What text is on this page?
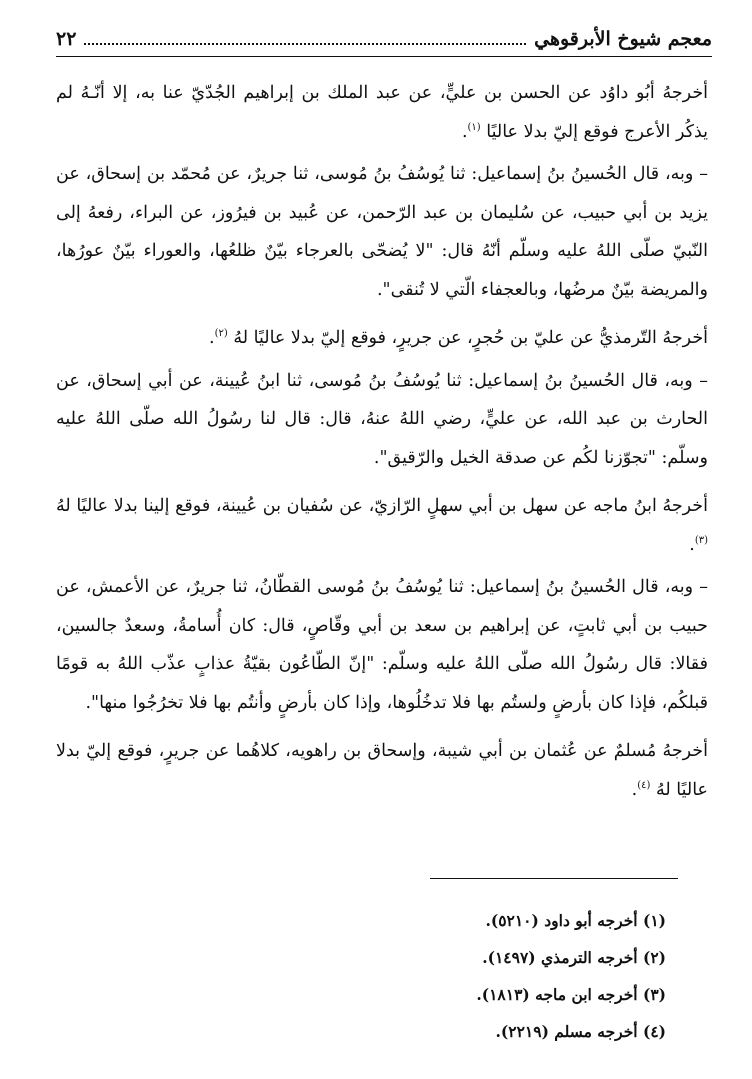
معجم شيوخ الأبرقوهي
٢٢

أخرجهُ أبُو داوُد عن الحسن بن عليٍّ، عن عبد الملك بن إبراهيم الجُدّيّ عنا به، إلا أنّـهُ لم يذكُر الأعرج فوقع إليّ بدلا عاليًا $^{(١)}$.

– وبه، قال الحُسينُ بنُ إسماعيل: ثنا يُوسُفُ بنُ مُوسى، ثنا جريرٌ، عن مُحمّد بن إسحاق، عن يزيد بن أبي حبيب، عن سُليمان بن عبد الرّحمن، عن عُبيد بن فيرُوز، عن البراء، رفعهُ إلى النّبيّ صلّى اللهُ عليه وسلّم أنّهُ قال: "لا يُضحّى بالعرجاء بيّنٌ ظلعُها، والعوراء بيّنٌ عورُها، والمريضة بيّنٌ مرضُها، وبالعجفاء الّتي لا تُنقى".

أخرجهُ التّرمذيُّ عن عليّ بن حُجرٍ، عن جريرٍ، فوقع إليّ بدلا عاليًا لهُ $^{(٢)}$.

– وبه، قال الحُسينُ بنُ إسماعيل: ثنا يُوسُفُ بنُ مُوسى، ثنا ابنُ عُيينة، عن أبي إسحاق، عن الحارث بن عبد الله، عن عليٍّ، رضي اللهُ عنهُ، قال: قال لنا رسُولُ الله صلّى اللهُ عليه وسلّم: "تجوّزنا لكُم عن صدقة الخيل والرّقيق".

أخرجهُ ابنُ ماجه عن سهل بن أبي سهلٍ الرّازيّ، عن سُفيان بن عُيينة، فوقع إلينا بدلا عاليًا لهُ $^{(٣)}$.

– وبه، قال الحُسينُ بنُ إسماعيل: ثنا يُوسُفُ بنُ مُوسى القطّانُ، ثنا جريرٌ، عن الأعمش، عن حبيب بن أبي ثابتٍ، عن إبراهيم بن سعد بن أبي وقّاصٍ، قال: كان أُسامةُ، وسعدٌ جالسين، فقالا: قال رسُولُ الله صلّى اللهُ عليه وسلّم: "إنّ الطّاعُون بقيّةُ عذابٍ عذّب اللهُ به قومًا قبلكُم، فإذا كان بأرضٍ ولستُم بها فلا تدخُلُوها، وإذا كان بأرضٍ وأنتُم بها فلا تخرُجُوا منها".

أخرجهُ مُسلمٌ عن عُثمان بن أبي شيبة، وإسحاق بن راهويه، كلاهُما عن جريرٍ، فوقع إليّ بدلا عاليًا لهُ $^{(٤)}$.

(١) أخرجه أبو داود (٥٢١٠).
(٢) أخرجه الترمذي (١٤٩٧).
(٣) أخرجه ابن ماجه (١٨١٣).
(٤) أخرجه مسلم (٢٢١٩).
